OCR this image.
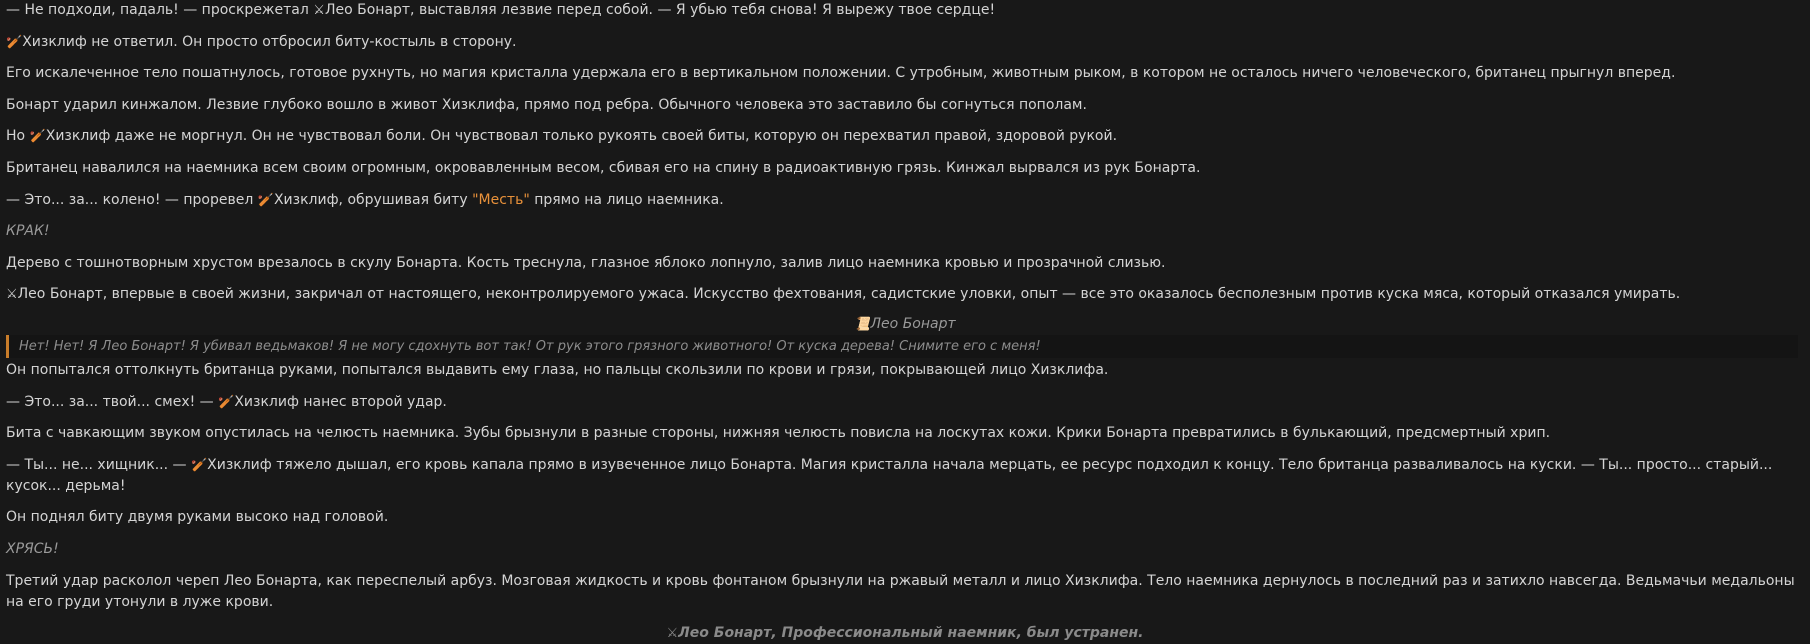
— Не подходи, падаль! — проскрежетал ⚔Лео Бонарт, выставляя лезвие перед собой. — Я убью тебя снова! Я вырежу твое сердце!

🏏Хизклиф не ответил. Он просто отбросил биту-костыль в сторону.

Его искалеченное тело пошатнулось, готовое рухнуть, но магия кристалла удержала его в вертикальном положении. С утробным, животным рыком, в котором не осталось ничего человеческого, британец прыгнул вперед.

Бонарт ударил кинжалом. Лезвие глубоко вошло в живот Хизклифа, прямо под ребра. Обычного человека это заставило бы согнуться пополам.

Но 🏏Хизклиф даже не моргнул. Он не чувствовал боли. Он чувствовал только рукоять своей биты, которую он перехватил правой, здоровой рукой.

Британец навалился на наемника всем своим огромным, окровавленным весом, сбивая его на спину в радиоактивную грязь. Кинжал вырвался из рук Бонарта.

— Это... за... колено! — проревел 🏏Хизклиф, обрушивая биту "Месть" прямо на лицо наемника.

КРАК!

Дерево с тошнотворным хрустом врезалось в скулу Бонарта. Кость треснула, глазное яблоко лопнуло, залив лицо наемника кровью и прозрачной слизью.

⚔Лео Бонарт, впервые в своей жизни, закричал от настоящего, неконтролируемого ужаса. Искусство фехтования, садистские уловки, опыт — все это оказалось бесполезным против куска мяса, который отказался умирать.

📜Лео Бонарт
Нет! Нет! Я Лео Бонарт! Я убивал ведьмаков! Я не могу сдохнуть вот так! От рук этого грязного животного! От куска дерева! Снимите его с меня!

Он попытался оттолкнуть британца руками, попытался выдавить ему глаза, но пальцы скользили по крови и грязи, покрывающей лицо Хизклифа.

— Это... за... твой... смех! — 🏏Хизклиф нанес второй удар.

Бита с чавкающим звуком опустилась на челюсть наемника. Зубы брызнули в разные стороны, нижняя челюсть повисла на лоскутах кожи. Крики Бонарта превратились в булькающий, предсмертный хрип.

— Ты... не... хищник... — 🏏Хизклиф тяжело дышал, его кровь капала прямо в изувеченное лицо Бонарта. Магия кристалла начала мерцать, ее ресурс подходил к концу. Тело британца разваливалось на куски. — Ты... просто... старый... кусок... дерьма!

Он поднял биту двумя руками высоко над головой.

ХРЯСЬ!

Третий удар расколол череп Лео Бонарта, как переспелый арбуз. Мозговая жидкость и кровь фонтаном брызнули на ржавый металл и лицо Хизклифа. Тело наемника дернулось в последний раз и затихло навсегда. Ведьмачьи медальоны на его груди утонули в луже крови.

⚔Лео Бонарт, Профессиональный наемник, был устранен.
